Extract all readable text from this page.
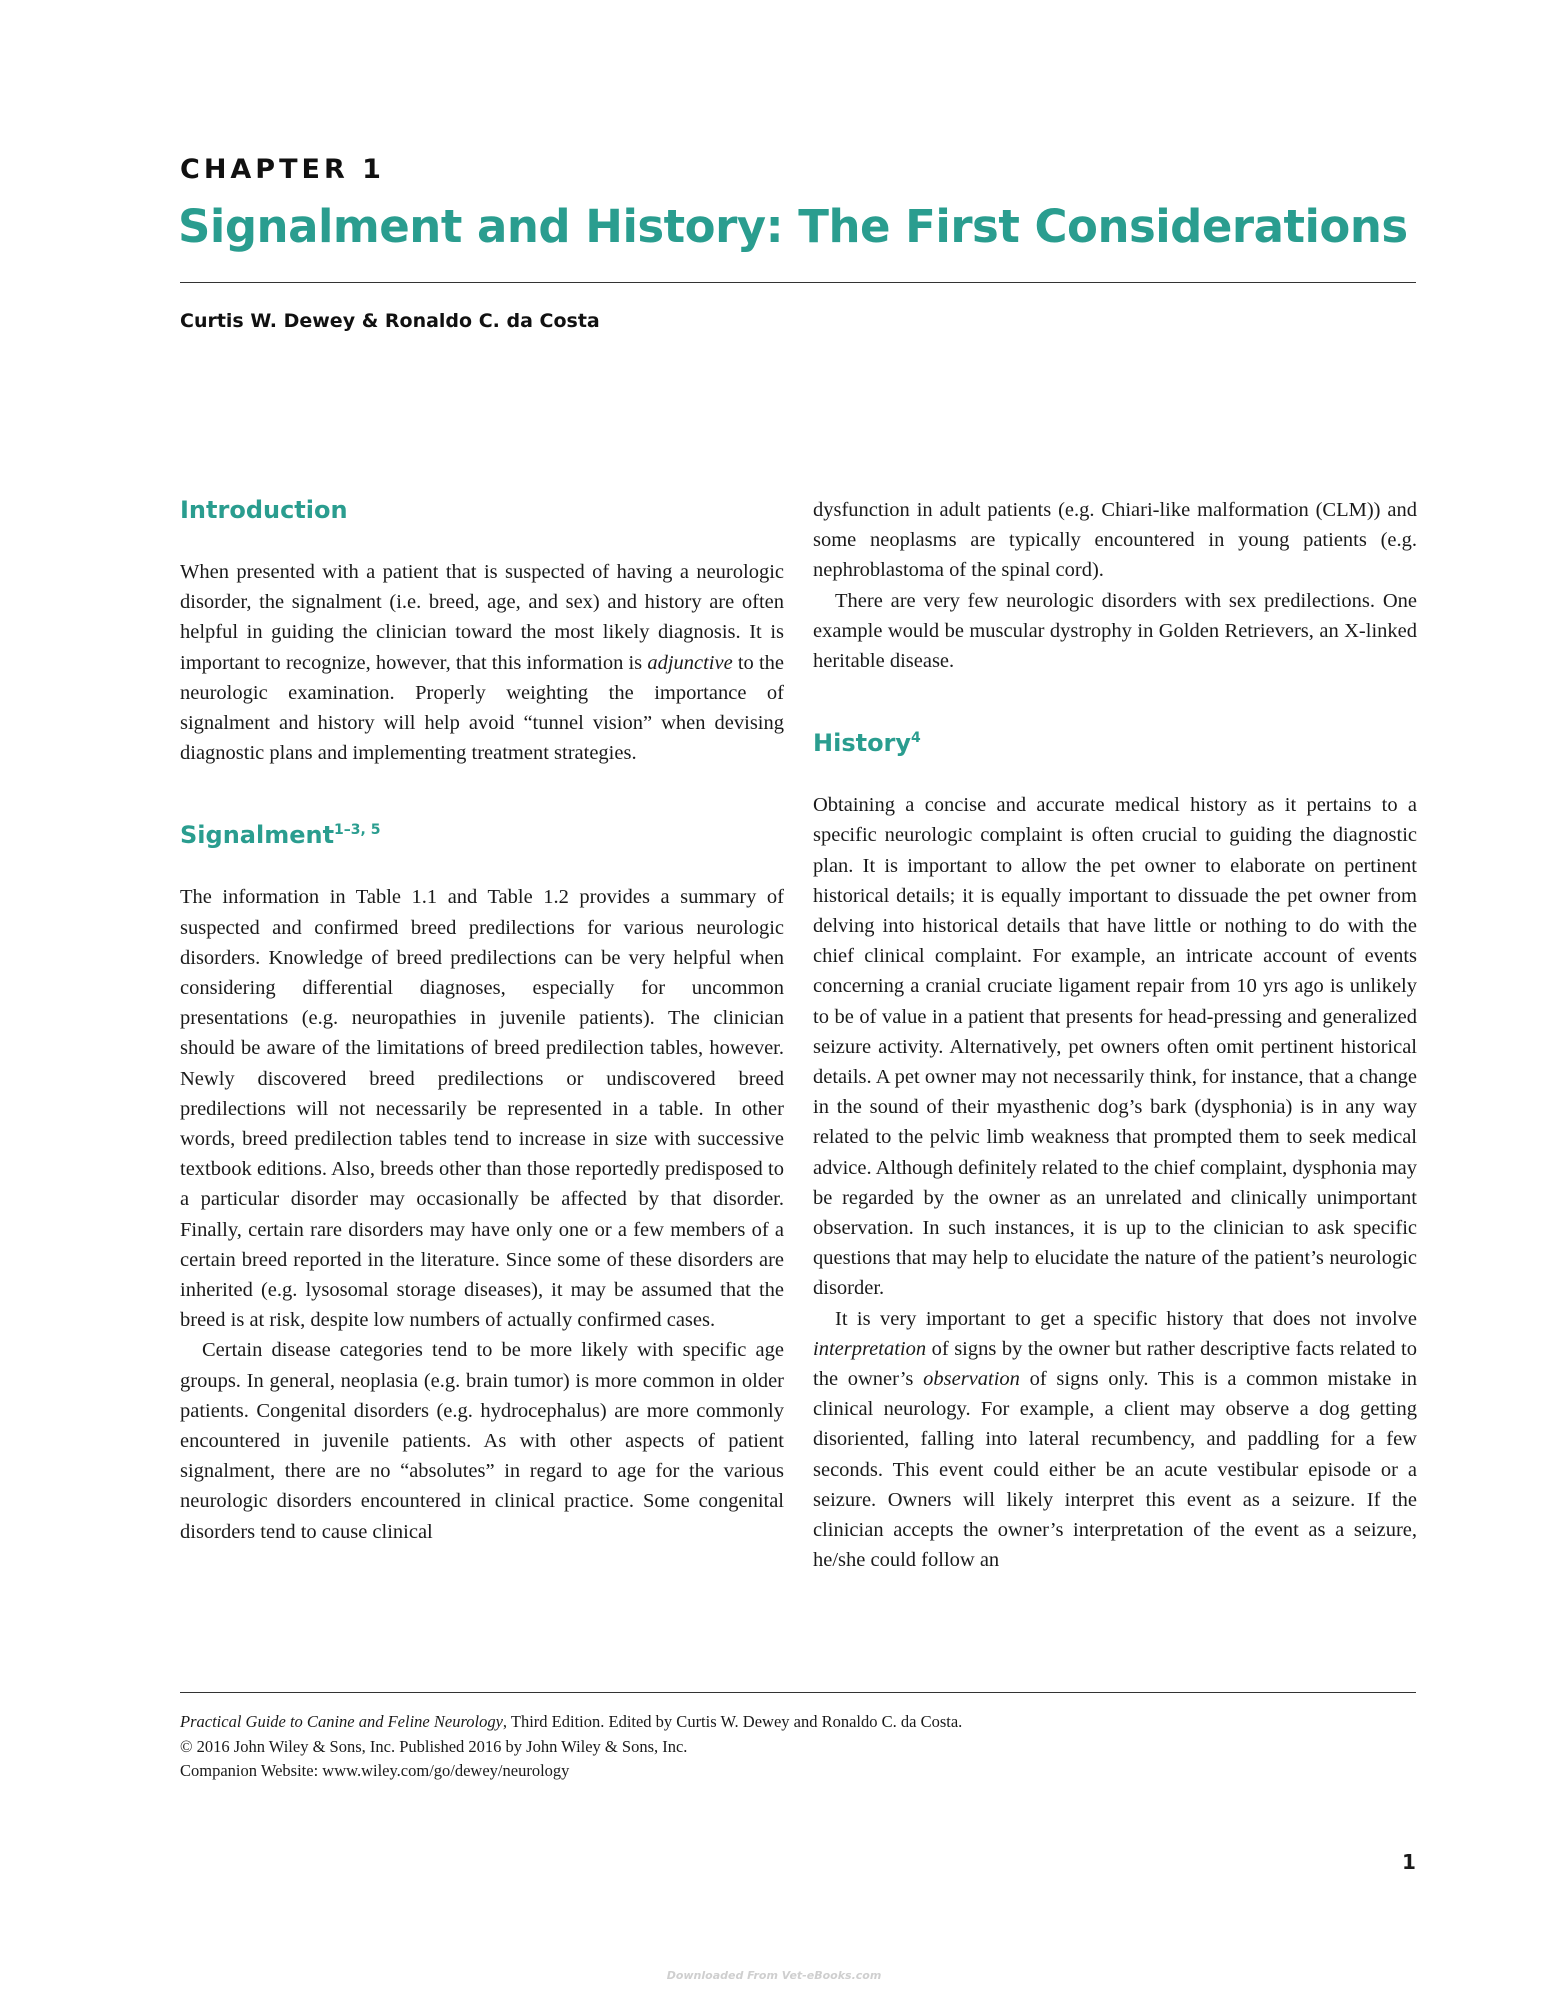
CHAPTER 1
Signalment and History: The First Considerations
Curtis W. Dewey & Ronaldo C. da Costa
Introduction

When presented with a patient that is suspected of having a neurologic disorder, the signalment (i.e. breed, age, and sex) and history are often helpful in guiding the clinician toward the most likely diagnosis. It is important to recognize, however, that this information is adjunctive to the neurologic examination. Properly weighting the importance of signalment and history will help avoid “tunnel vision” when devising diagnostic plans and implementing treatment strategies.

Signalment$^{1-3, 5}$

The information in Table 1.1 and Table 1.2 provides a summary of suspected and confirmed breed predilections for various neurologic disorders. Knowledge of breed predilections can be very helpful when considering differential diagnoses, especially for uncommon presentations (e.g. neuropathies in juvenile patients). The clinician should be aware of the limitations of breed predilection tables, however. Newly discovered breed predilections or undiscovered breed predilections will not necessarily be represented in a table. In other words, breed predilection tables tend to increase in size with successive textbook editions. Also, breeds other than those reportedly predisposed to a particular disorder may occasionally be affected by that disorder. Finally, certain rare disorders may have only one or a few members of a certain breed reported in the literature. Since some of these disorders are inherited (e.g. lysosomal storage diseases), it may be assumed that the breed is at risk, despite low numbers of actually confirmed cases.

Certain disease categories tend to be more likely with specific age groups. In general, neoplasia (e.g. brain tumor) is more common in older patients. Congenital disorders (e.g. hydrocephalus) are more commonly encountered in juvenile patients. As with other aspects of patient signalment, there are no “absolutes” in regard to age for the various neurologic disorders encountered in clinical practice. Some congenital disorders tend to cause clinical

dysfunction in adult patients (e.g. Chiari-like malformation (CLM)) and some neoplasms are typically encountered in young patients (e.g. nephroblastoma of the spinal cord).

There are very few neurologic disorders with sex predilections. One example would be muscular dystrophy in Golden Retrievers, an X-linked heritable disease.

History$^4$

Obtaining a concise and accurate medical history as it pertains to a specific neurologic complaint is often crucial to guiding the diagnostic plan. It is important to allow the pet owner to elaborate on pertinent historical details; it is equally important to dissuade the pet owner from delving into historical details that have little or nothing to do with the chief clinical complaint. For example, an intricate account of events concerning a cranial cruciate ligament repair from 10 yrs ago is unlikely to be of value in a patient that presents for head-pressing and generalized seizure activity. Alternatively, pet owners often omit pertinent historical details. A pet owner may not necessarily think, for instance, that a change in the sound of their myasthenic dog’s bark (dysphonia) is in any way related to the pelvic limb weakness that prompted them to seek medical advice. Although definitely related to the chief complaint, dysphonia may be regarded by the owner as an unrelated and clinically unimportant observation. In such instances, it is up to the clinician to ask specific questions that may help to elucidate the nature of the patient’s neurologic disorder.

It is very important to get a specific history that does not involve interpretation of signs by the owner but rather descriptive facts related to the owner’s observation of signs only. This is a common mistake in clinical neurology. For example, a client may observe a dog getting disoriented, falling into lateral recumbency, and paddling for a few seconds. This event could either be an acute vestibular episode or a seizure. Owners will likely interpret this event as a seizure. If the clinician accepts the owner’s interpretation of the event as a seizure, he/she could follow an

Practical Guide to Canine and Feline Neurology, Third Edition. Edited by Curtis W. Dewey and Ronaldo C. da Costa.
© 2016 John Wiley & Sons, Inc. Published 2016 by John Wiley & Sons, Inc.
Companion Website: www.wiley.com/go/dewey/neurology
1
Downloaded From Vet-eBooks.com
